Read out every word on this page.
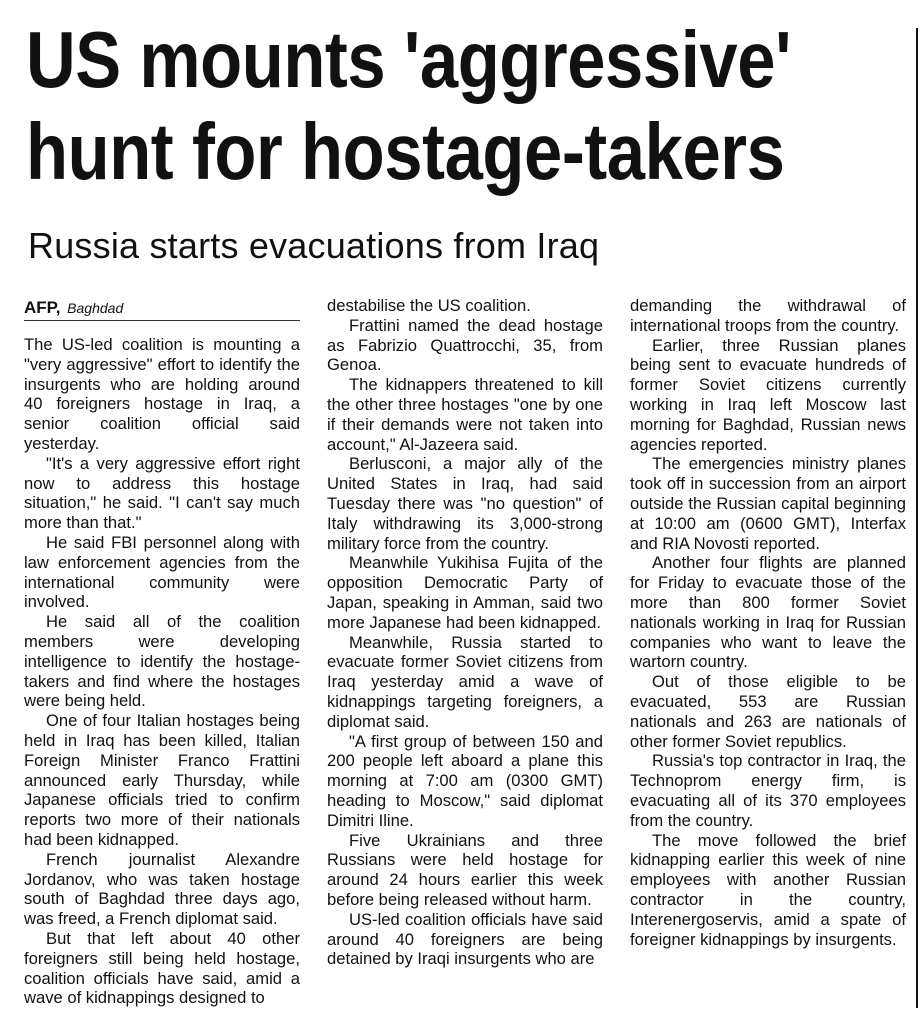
US mounts 'aggressive'
hunt for hostage-takers
Russia starts evacuations from Iraq
AFP, Baghdad

The US-led coalition is mounting a "very aggressive" effort to identify the insurgents who are holding around 40 foreigners hostage in Iraq, a senior coalition official said yesterday.

"It's a very aggressive effort right now to address this hostage situation," he said. "I can't say much more than that."

He said FBI personnel along with law enforcement agencies from the international community were involved.

He said all of the coalition members were developing intelligence to identify the hostage-takers and find where the hostages were being held.

One of four Italian hostages being held in Iraq has been killed, Italian Foreign Minister Franco Frattini announced early Thursday, while Japanese officials tried to confirm reports two more of their nationals had been kidnapped.

French journalist Alexandre Jordanov, who was taken hostage south of Baghdad three days ago, was freed, a French diplomat said.

But that left about 40 other foreigners still being held hostage, coalition officials have said, amid a wave of kidnappings designed to

destabilise the US coalition.

Frattini named the dead hostage as Fabrizio Quattrocchi, 35, from Genoa.

The kidnappers threatened to kill the other three hostages "one by one if their demands were not taken into account," Al-Jazeera said.

Berlusconi, a major ally of the United States in Iraq, had said Tuesday there was "no question" of Italy withdrawing its 3,000-strong military force from the country.

Meanwhile Yukihisa Fujita of the opposition Democratic Party of Japan, speaking in Amman, said two more Japanese had been kidnapped.

Meanwhile, Russia started to evacuate former Soviet citizens from Iraq yesterday amid a wave of kidnappings targeting foreigners, a diplomat said.

"A first group of between 150 and 200 people left aboard a plane this morning at 7:00 am (0300 GMT) heading to Moscow," said diplomat Dimitri Iline.

Five Ukrainians and three Russians were held hostage for around 24 hours earlier this week before being released without harm.

US-led coalition officials have said around 40 foreigners are being detained by Iraqi insurgents who are

demanding the withdrawal of international troops from the country.

Earlier, three Russian planes being sent to evacuate hundreds of former Soviet citizens currently working in Iraq left Moscow last morning for Baghdad, Russian news agencies reported.

The emergencies ministry planes took off in succession from an airport outside the Russian capital beginning at 10:00 am (0600 GMT), Interfax and RIA Novosti reported.

Another four flights are planned for Friday to evacuate those of the more than 800 former Soviet nationals working in Iraq for Russian companies who want to leave the wartorn country.

Out of those eligible to be evacuated, 553 are Russian nationals and 263 are nationals of other former Soviet republics.

Russia's top contractor in Iraq, the Technoprom energy firm, is evacuating all of its 370 employees from the country.

The move followed the brief kidnapping earlier this week of nine employees with another Russian contractor in the country, Interenergoservis, amid a spate of foreigner kidnappings by insurgents.
